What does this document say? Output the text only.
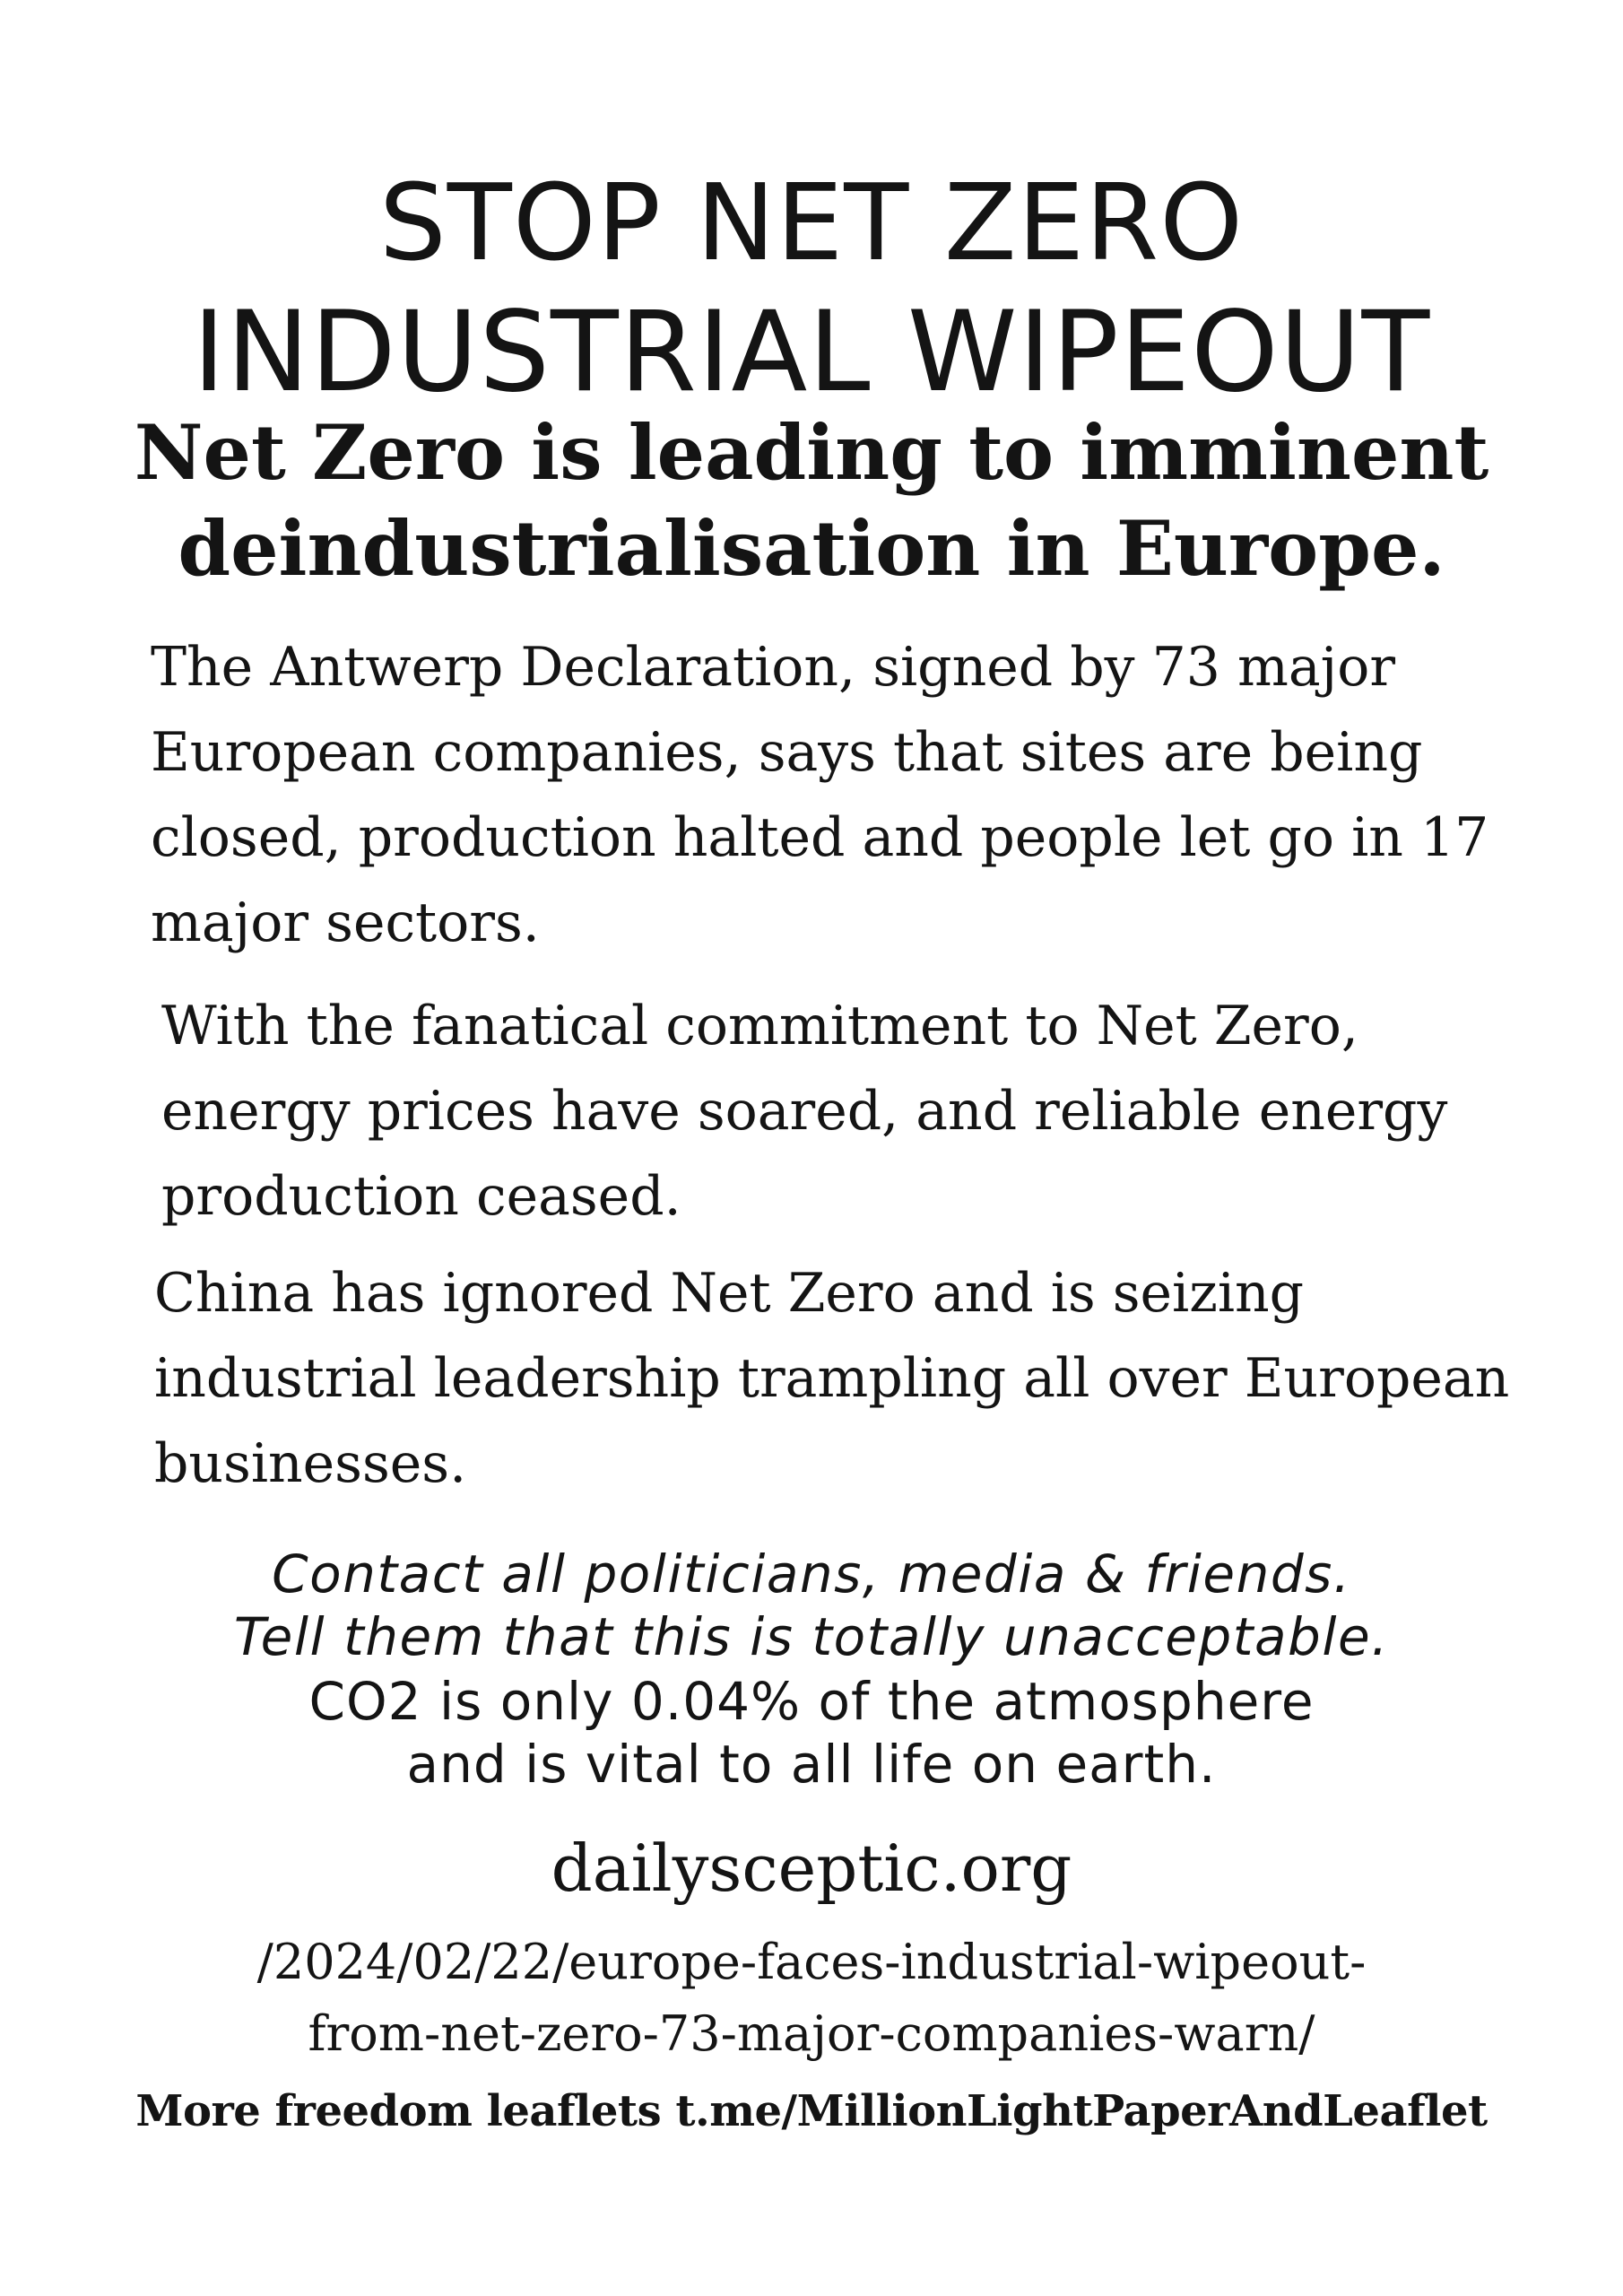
STOP NET ZERO
INDUSTRIAL WIPEOUT
Net Zero is leading to imminent
deindustrialisation in Europe.

The Antwerp Declaration, signed by 73 major European companies, says that sites are being closed, production halted and people let go in 17 major sectors.

With the fanatical commitment to Net Zero, energy prices have soared, and reliable energy production ceased.

China has ignored Net Zero and is seizing industrial leadership trampling all over European businesses.

Contact all politicians, media & friends.

Tell them that this is totally unacceptable.

CO2 is only 0.04% of the atmosphere

and is vital to all life on earth.

dailysceptic.org

/2024/02/22/europe-faces-industrial-wipeout-

from-net-zero-73-major-companies-warn/

More freedom leaflets t.me/MillionLightPaperAndLeaflet
